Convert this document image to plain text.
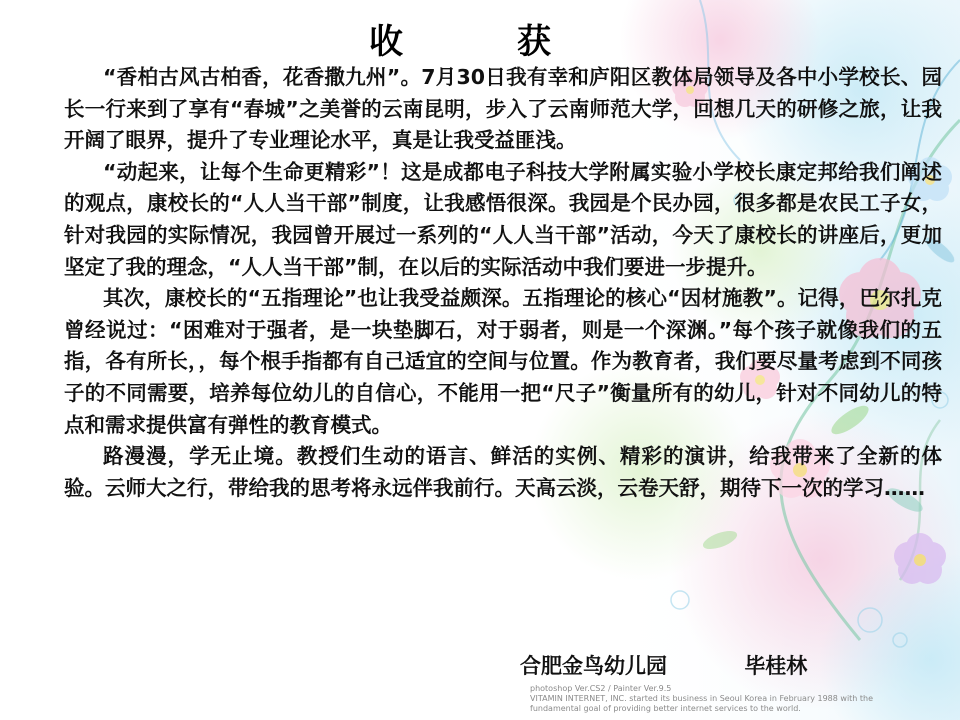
收　获

“香柏古风古柏香，花香撒九州”。7月30日我有幸和庐阳区教体局领导及各中小学校长、园长一行来到了享有“春城”之美誉的云南昆明，步入了云南师范大学，回想几天的研修之旅，让我开阔了眼界，提升了专业理论水平，真是让我受益匪浅。

“动起来，让每个生命更精彩”！这是成都电子科技大学附属实验小学校长康定邦给我们阐述的观点，康校长的“人人当干部”制度，让我感悟很深。我园是个民办园，很多都是农民工子女，针对我园的实际情况，我园曾开展过一系列的“人人当干部”活动，今天了康校长的讲座后，更加坚定了我的理念，“人人当干部”制，在以后的实际活动中我们要进一步提升。

其次，康校长的“五指理论”也让我受益颇深。五指理论的核心“因材施教”。记得，巴尔扎克曾经说过：“困难对于强者，是一块垫脚石，对于弱者，则是一个深渊。”每个孩子就像我们的五指，各有所长，，每个根手指都有自己适宜的空间与位置。作为教育者，我们要尽量考虑到不同孩子的不同需要，培养每位幼儿的自信心，不能用一把“尺子”衡量所有的幼儿，针对不同幼儿的特点和需求提供富有弹性的教育模式。

路漫漫，学无止境。教授们生动的语言、鲜活的实例、精彩的演讲，给我带来了全新的体验。云师大之行，带给我的思考将永远伴我前行。天高云淡，云卷天舒，期待下一次的学习……

合肥金鸟幼儿园	毕桂林
photoshop Ver.CS2 / Painter Ver.9.5
VITAMIN INTERNET, INC. started its business in Seoul Korea in February 1988 with the
fundamental goal of providing better internet services to the world.
